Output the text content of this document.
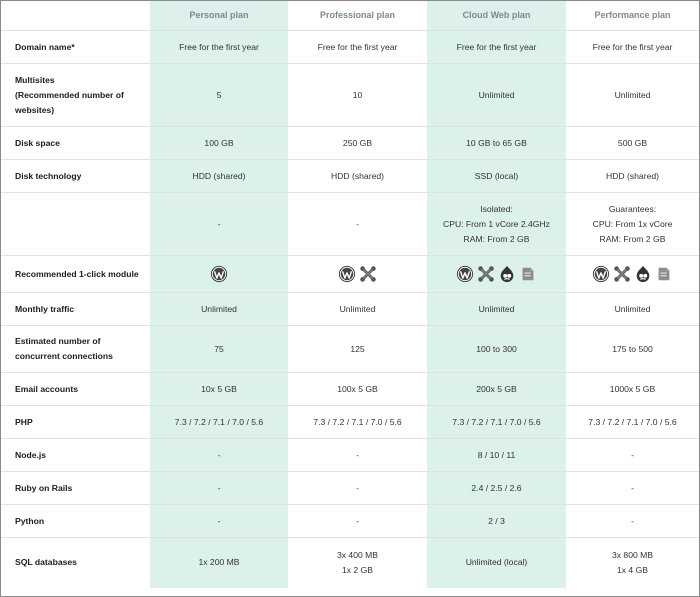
	Personal plan	Professional plan	Cloud Web plan	Performance plan

Domain name*	Free for the first year	Free for the first year	Free for the first year	Free for the first year

Multisites
(Recommended number of
websites)	5	10	Unlimited	Unlimited

Disk space	100 GB	250 GB	10 GB to 65 GB	500 GB

Disk technology	HDD (shared)	HDD (shared)	SSD (local)	HDD (shared)

	-	-	Isolated:
CPU: From 1 vCore 2.4GHz
RAM: From 2 GB	Guarantees:
CPU: From 1x vCore
RAM: From 2 GB

Recommended 1-click module

Monthly traffic	Unlimited	Unlimited	Unlimited	Unlimited

Estimated number of
concurrent connections	75	125	100 to 300	175 to 500

Email accounts	10x 5 GB	100x 5 GB	200x 5 GB	1000x 5 GB

PHP	7.3 / 7.2 / 7.1 / 7.0 / 5.6	7.3 / 7.2 / 7.1 / 7.0 / 5.6	7.3 / 7.2 / 7.1 / 7.0 / 5.6	7.3 / 7.2 / 7.1 / 7.0 / 5.6

Node.js	-	-	8 / 10 / 11	-

Ruby on Rails	-	-	2.4 / 2.5 / 2.6	-

Python	-	-	2 / 3	-

SQL databases	1x 200 MB	3x 400 MB
1x 2 GB	Unlimited (local)	3x 800 MB
1x 4 GB
